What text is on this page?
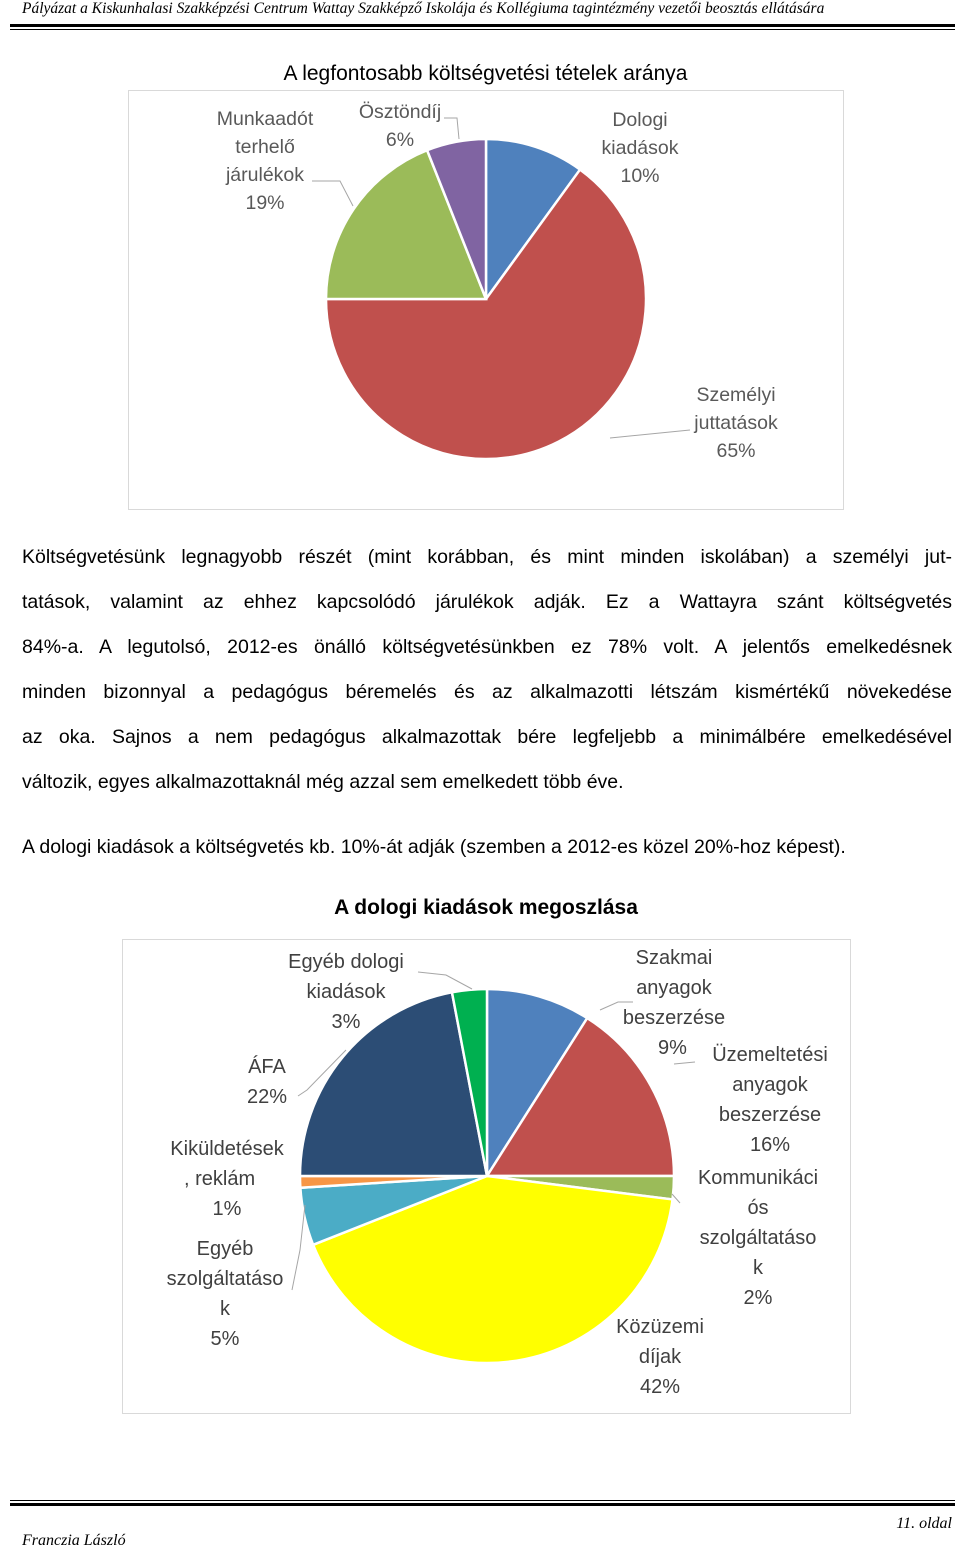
Pályázat a Kiskunhalasi Szakképzési Centrum Wattay Szakképző Iskolája és Kollégiuma tagintézmény vezetői beosztás ellátására
A legfontosabb költségvetési tételek aránya
Dologi
kiadások
10%
Személyi
juttatások
65%
Munkaadót
terhelő
járulékok
19%
Ösztöndíj
6%
Költségvetésünk legnagyobb részét (mint korábban, és mint minden iskolában) a személyi jut-
tatások, valamint az ehhez kapcsolódó járulékok adják. Ez a Wattayra szánt költségvetés
84%-a. A legutolsó, 2012-es önálló költségvetésünkben ez 78% volt. A jelentős emelkedésnek
minden bizonnyal a pedagógus béremelés és az alkalmazotti létszám kismértékű növekedése
az oka. Sajnos a nem pedagógus alkalmazottak bére legfeljebb a minimálbére emelkedésével
változik, egyes alkalmazottaknál még azzal sem emelkedett több éve.
A dologi kiadások a költségvetés kb. 10%-át adják (szemben a 2012-es közel 20%-hoz képest).
A dologi kiadások megoszlása
Szakmai
anyagok
beszerzése
9%	Üzemeltetési
anyagok
beszerzése
16%
Kommunikáci
ós
szolgáltatáso
k
2%
Közüzemi
díjak
42%
Egyéb
szolgáltatáso
k
5%
Kiküldetések
, reklám
1%
ÁFA
22%
Egyéb dologi
kiadások
3%
Franczia László
11. oldal
